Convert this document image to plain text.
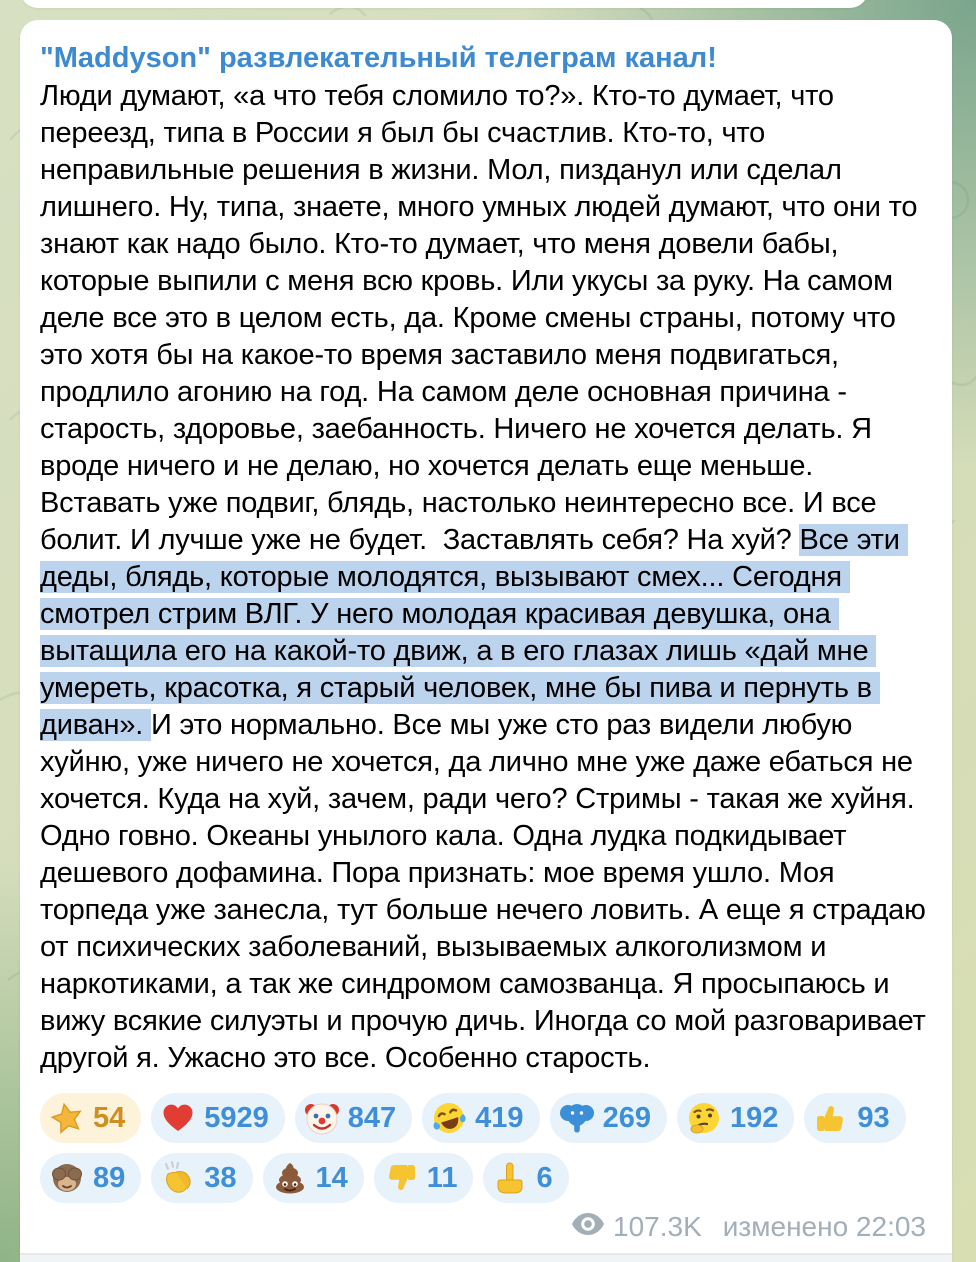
"Maddyson" развлекательный телеграм канал!
Люди думают, «а что тебя сломило то?». Кто-то думает, что переезд, типа в России я был бы счастлив. Кто-то, что неправильные решения в жизни. Мол, пизданул или сделал лишнего. Ну, типа, знаете, много умных людей думают, что они то знают как надо было. Кто-то думает, что меня довели бабы, которые выпили с меня всю кровь. Или укусы за руку. На самом деле все это в целом есть, да. Кроме смены страны, потому что это хотя бы на какое-то время заставило меня подвигаться, продлило агонию на год. На самом деле основная причина - старость, здоровье, заебанность. Ничего не хочется делать. Я вроде ничего и не делаю, но хочется делать еще меньше. Вставать уже подвиг, блядь, настолько неинтересно все. И все болит. И лучше уже не будет.  Заставлять себя? На хуй? Все эти деды, блядь, которые молодятся, вызывают смех... Сегодня смотрел стрим ВЛГ. У него молодая красивая девушка, она вытащила его на какой-то движ, а в его глазах лишь «дай мне умереть, красотка, я старый человек, мне бы пива и пернуть в диван». И это нормально. Все мы уже сто раз видели любую хуйню, уже ничего не хочется, да лично мне уже даже ебаться не хочется. Куда на хуй, зачем, ради чего? Стримы - такая же хуйня. Одно говно. Океаны унылого кала. Одна лудка подкидывает дешевого дофамина. Пора признать: мое время ушло. Моя торпеда уже занесла, тут больше нечего ловить. А еще я страдаю от психических заболеваний, вызываемых алкоголизмом и наркотиками, а так же синдромом самозванца. Я просыпаюсь и вижу всякие силуэты и прочую дичь. Иногда со мой разговаривает другой я. Ужасно это все. Особенно старость.
54	5929	847	419	269	192	93
89	38	14	11	6
107.3K изменено 22:03
